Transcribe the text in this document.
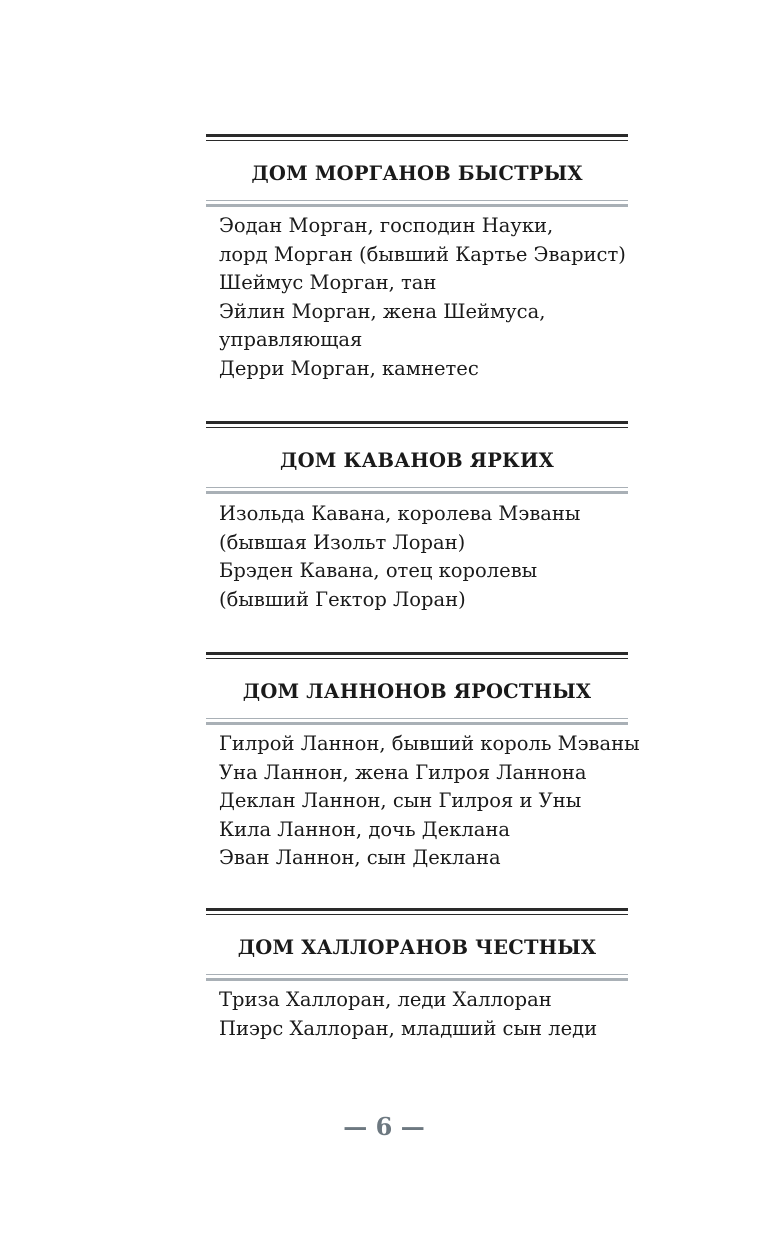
ДОМ МОРГАНОВ БЫСТРЫХ
Эодан Морган, господин Науки,
лорд Морган (бывший Картье Эварист)
Шеймус Морган, тан
Эйлин Морган, жена Шеймуса,
управляющая
Дерри Морган, камнетес
ДОМ КАВАНОВ ЯРКИХ
Изольда Кавана, королева Мэваны
(бывшая Изольт Лоран)
Брэден Кавана, отец королевы
(бывший Гектор Лоран)
ДОМ ЛАННОНОВ ЯРОСТНЫХ
Гилрой Ланнон, бывший король Мэваны
Уна Ланнон, жена Гилроя Ланнона
Деклан Ланнон, сын Гилроя и Уны
Кила Ланнон, дочь Деклана
Эван Ланнон, сын Деклана
ДОМ ХАЛЛОРАНОВ ЧЕСТНЫХ
Триза Халлоран, леди Халлоран
Пиэрс Халлоран, младший сын леди
— 6 —
